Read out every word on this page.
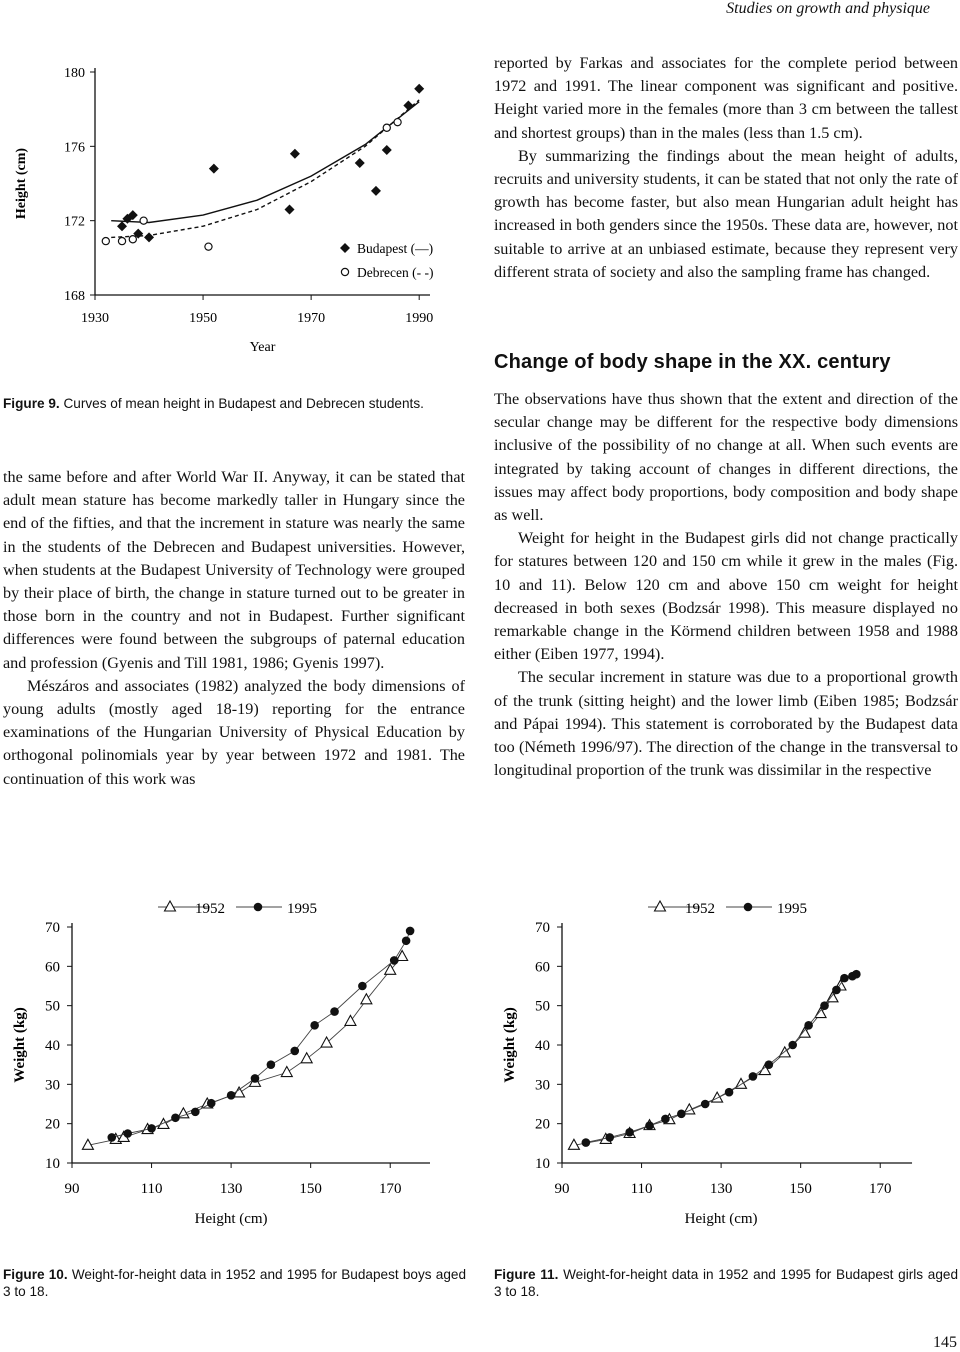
Studies on growth and physique
1930	1950	1970	1990
168
172
176
180
Year
Height (cm)
Budapest (—)
Debrecen (- -)
Figure 9. Curves of mean height in Budapest and Debrecen students.

the same before and after World War II. Anyway, it can be stated that adult mean stature has become markedly taller in Hungary since the end of the fifties, and that the increment in stature was nearly the same in the students of the Debrecen and Budapest universities. However, when students at the Budapest University of Technology were grouped by their place of birth, the change in stature turned out to be greater in those born in the country and not in Budapest. Further significant differences were found between the subgroups of paternal education and profession (Gyenis and Till 1981, 1986; Gyenis 1997).

Mészáros and associates (1982) analyzed the body dimensions of young adults (mostly aged 18-19) reporting for the entrance examinations of the Hungarian University of Physical Education by orthogonal polinomials year by year between 1972 and 1981. The continuation of this work was

reported by Farkas and associates for the complete period between 1972 and 1991. The linear component was significant and positive. Height varied more in the females (more than 3 cm between the tallest and shortest groups) than in the males (less than 1.5 cm).

By summarizing the findings about the mean height of adults, recruits and university students, it can be stated that not only the rate of growth has become faster, but also mean Hungarian adult height has increased in both genders since the 1950s. These data are, however, not suitable to arrive at an unbiased estimate, because they represent very different strata of society and also the sampling frame has changed.

Change of body shape in the XX. century

The observations have thus shown that the extent and direction of the secular change may be different for the respective body dimensions inclusive of the possibility of no change at all. When such events are integrated by taking account of changes in different directions, the issues may affect body proportions, body composition and body shape as well.

Weight for height in the Budapest girls did not change practically for statures between 120 and 150 cm while it grew in the males (Fig. 10 and 11). Below 120 cm and above 150 cm weight for height decreased in both sexes (Bodzsár 1998). This measure displayed no remarkable change in the Körmend children between 1958 and 1988 either (Eiben 1977, 1994).

The secular increment in stature was due to a proportional growth of the trunk (sitting height) and the lower limb (Eiben 1985; Bodzsár and Pápai 1994). This statement is corroborated by the Budapest data too (Németh 1996/97). The direction of the change in the transversal to longitudinal proportion of the trunk was dissimilar in the respective

90	110	130	150	170
10
20
30
40
50
60
70
Height (cm)
Weight (kg)
1952	1995
90	110	130	150	170
10
20
30
40
50
60
70
Height (cm)
Weight (kg)
1952	1995
Figure 10. Weight-for-height data in 1952 and 1995 for Budapest boys aged 3 to 18.
Figure 11. Weight-for-height data in 1952 and 1995 for Budapest girls aged 3 to 18.
145
